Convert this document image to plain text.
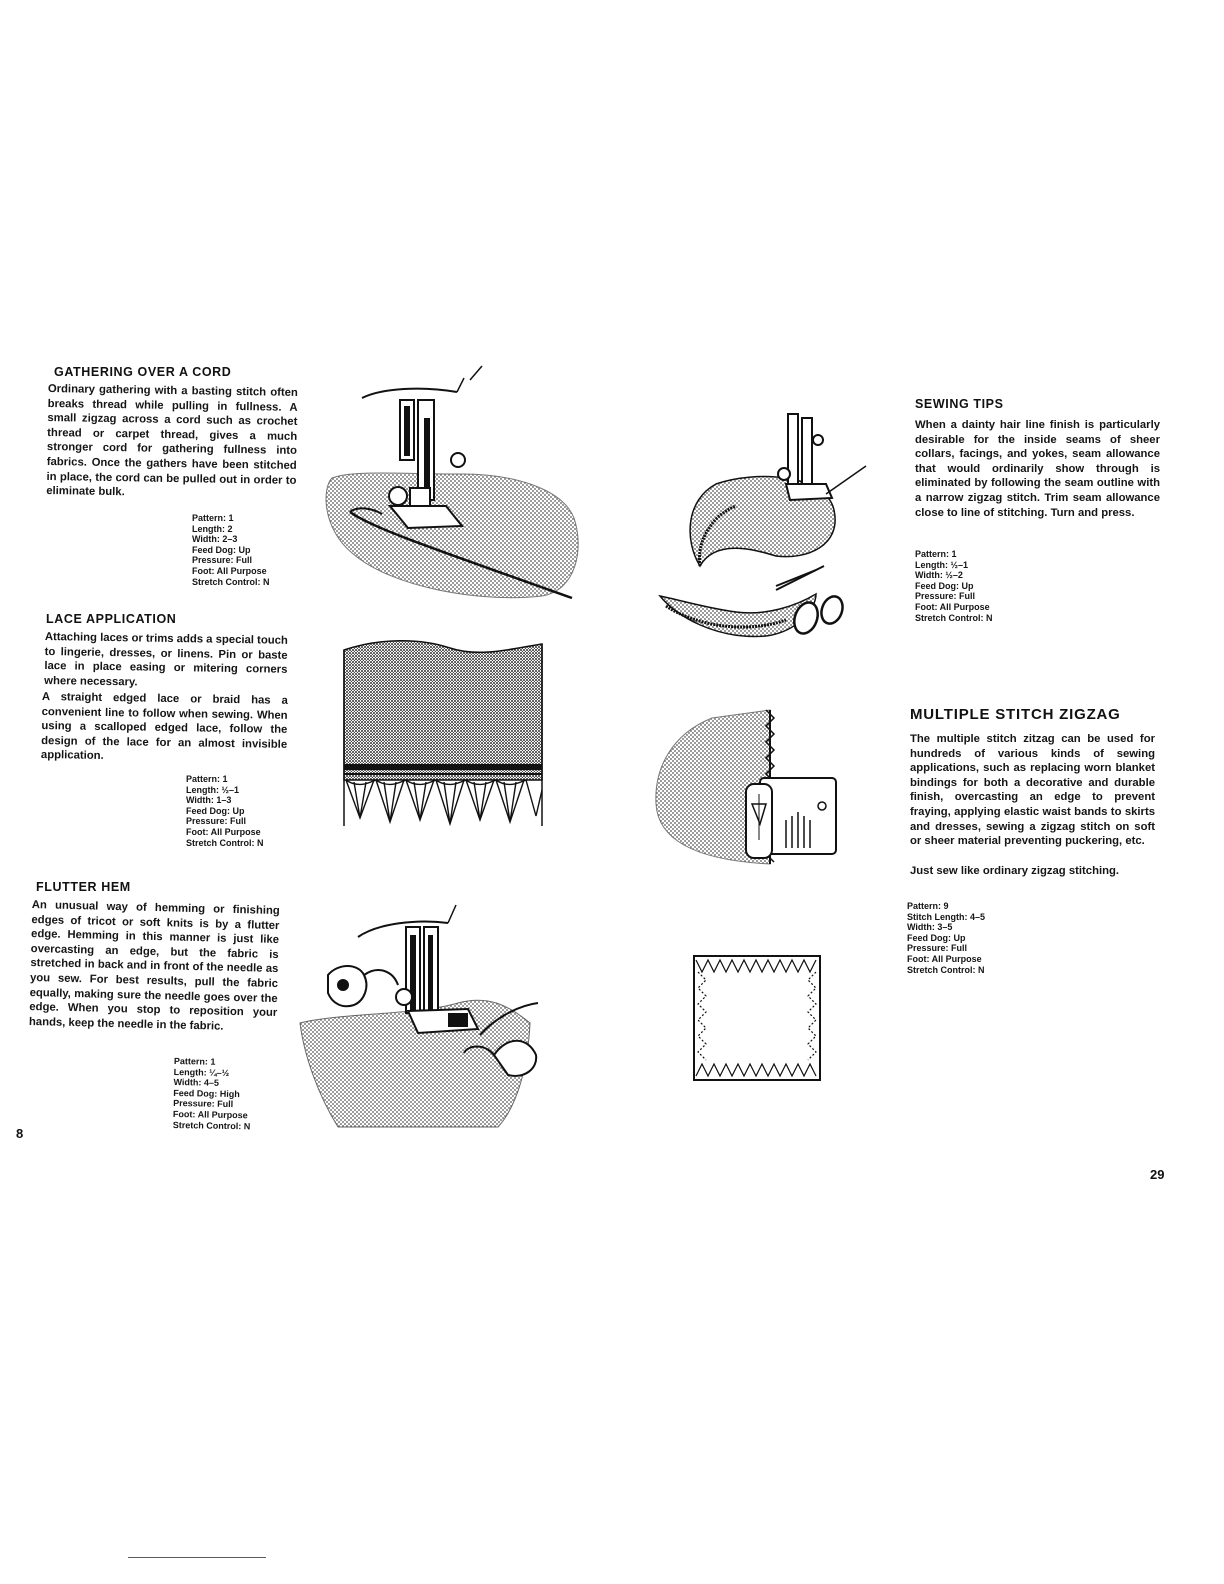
GATHERING OVER A CORD

Ordinary gathering with a basting stitch often breaks thread while pulling in fullness. A small zigzag across a cord such as crochet thread or carpet thread, gives a much stronger cord for gathering fullness into fabrics. Once the gathers have been stitched in place, the cord can be pulled out in order to eliminate bulk.

Pattern: 1
Length: 2
Width: 2–3
Feed Dog: Up
Pressure: Full
Foot: All Purpose
Stretch Control: N
LACE APPLICATION

Attaching laces or trims adds a special touch to lingerie, dresses, or linens. Pin or baste lace in place easing or mitering corners where necessary.

A straight edged lace or braid has a convenient line to follow when sewing. When using a scalloped edged lace, follow the design of the lace for an almost invisible application.

Pattern: 1
Length: ½–1
Width: 1–3
Feed Dog: Up
Pressure: Full
Foot: All Purpose
Stretch Control: N
FLUTTER HEM

An unusual way of hemming or finishing edges of tricot or soft knits is by a flutter edge. Hemming in this manner is just like overcasting an edge, but the fabric is stretched in back and in front of the needle as you sew. For best results, pull the fabric equally, making sure the needle goes over the edge. When you stop to reposition your hands, keep the needle in the fabric.

Pattern: 1
Length: ¼–½
Width: 4–5
Feed Dog: High
Pressure: Full
Foot: All Purpose
Stretch Control: N
8
SEWING TIPS

When a dainty hair line finish is particularly desirable for the inside seams of sheer collars, facings, and yokes, seam allowance that would ordinarily show through is eliminated by following the seam outline with a narrow zigzag stitch. Trim seam allowance close to line of stitching. Turn and press.

Pattern: 1
Length: ½–1
Width: ½–2
Feed Dog: Up
Pressure: Full
Foot: All Purpose
Stretch Control: N
MULTIPLE STITCH ZIGZAG

The multiple stitch zitzag can be used for hundreds of various kinds of sewing applications, such as replacing worn blanket bindings for both a decorative and durable finish, overcasting an edge to prevent fraying, applying elastic waist bands to skirts and dresses, sewing a zigzag stitch on soft or sheer material preventing puckering, etc.

Just sew like ordinary zigzag stitching.

Pattern: 9
Stitch Length: 4–5
Width: 3–5
Feed Dog: Up
Pressure: Full
Foot: All Purpose
Stretch Control: N
29
